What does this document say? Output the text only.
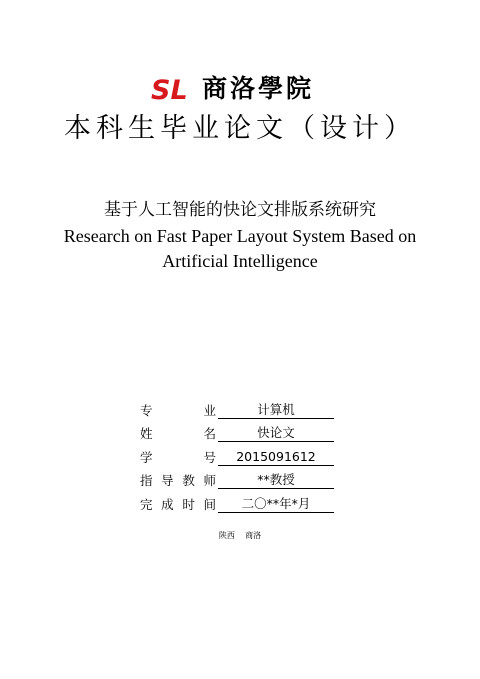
SL 商洛學院
本科生毕业论文（设计）
基于人工智能的快论文排版系统研究
Research on Fast Paper Layout System Based on Artificial Intelligence
专	业	计算机
姓	名	快论文
学	号	2015091612
指 导 教 师	**教授
完 成 时 间	二〇**年*月
陕西    商洛
